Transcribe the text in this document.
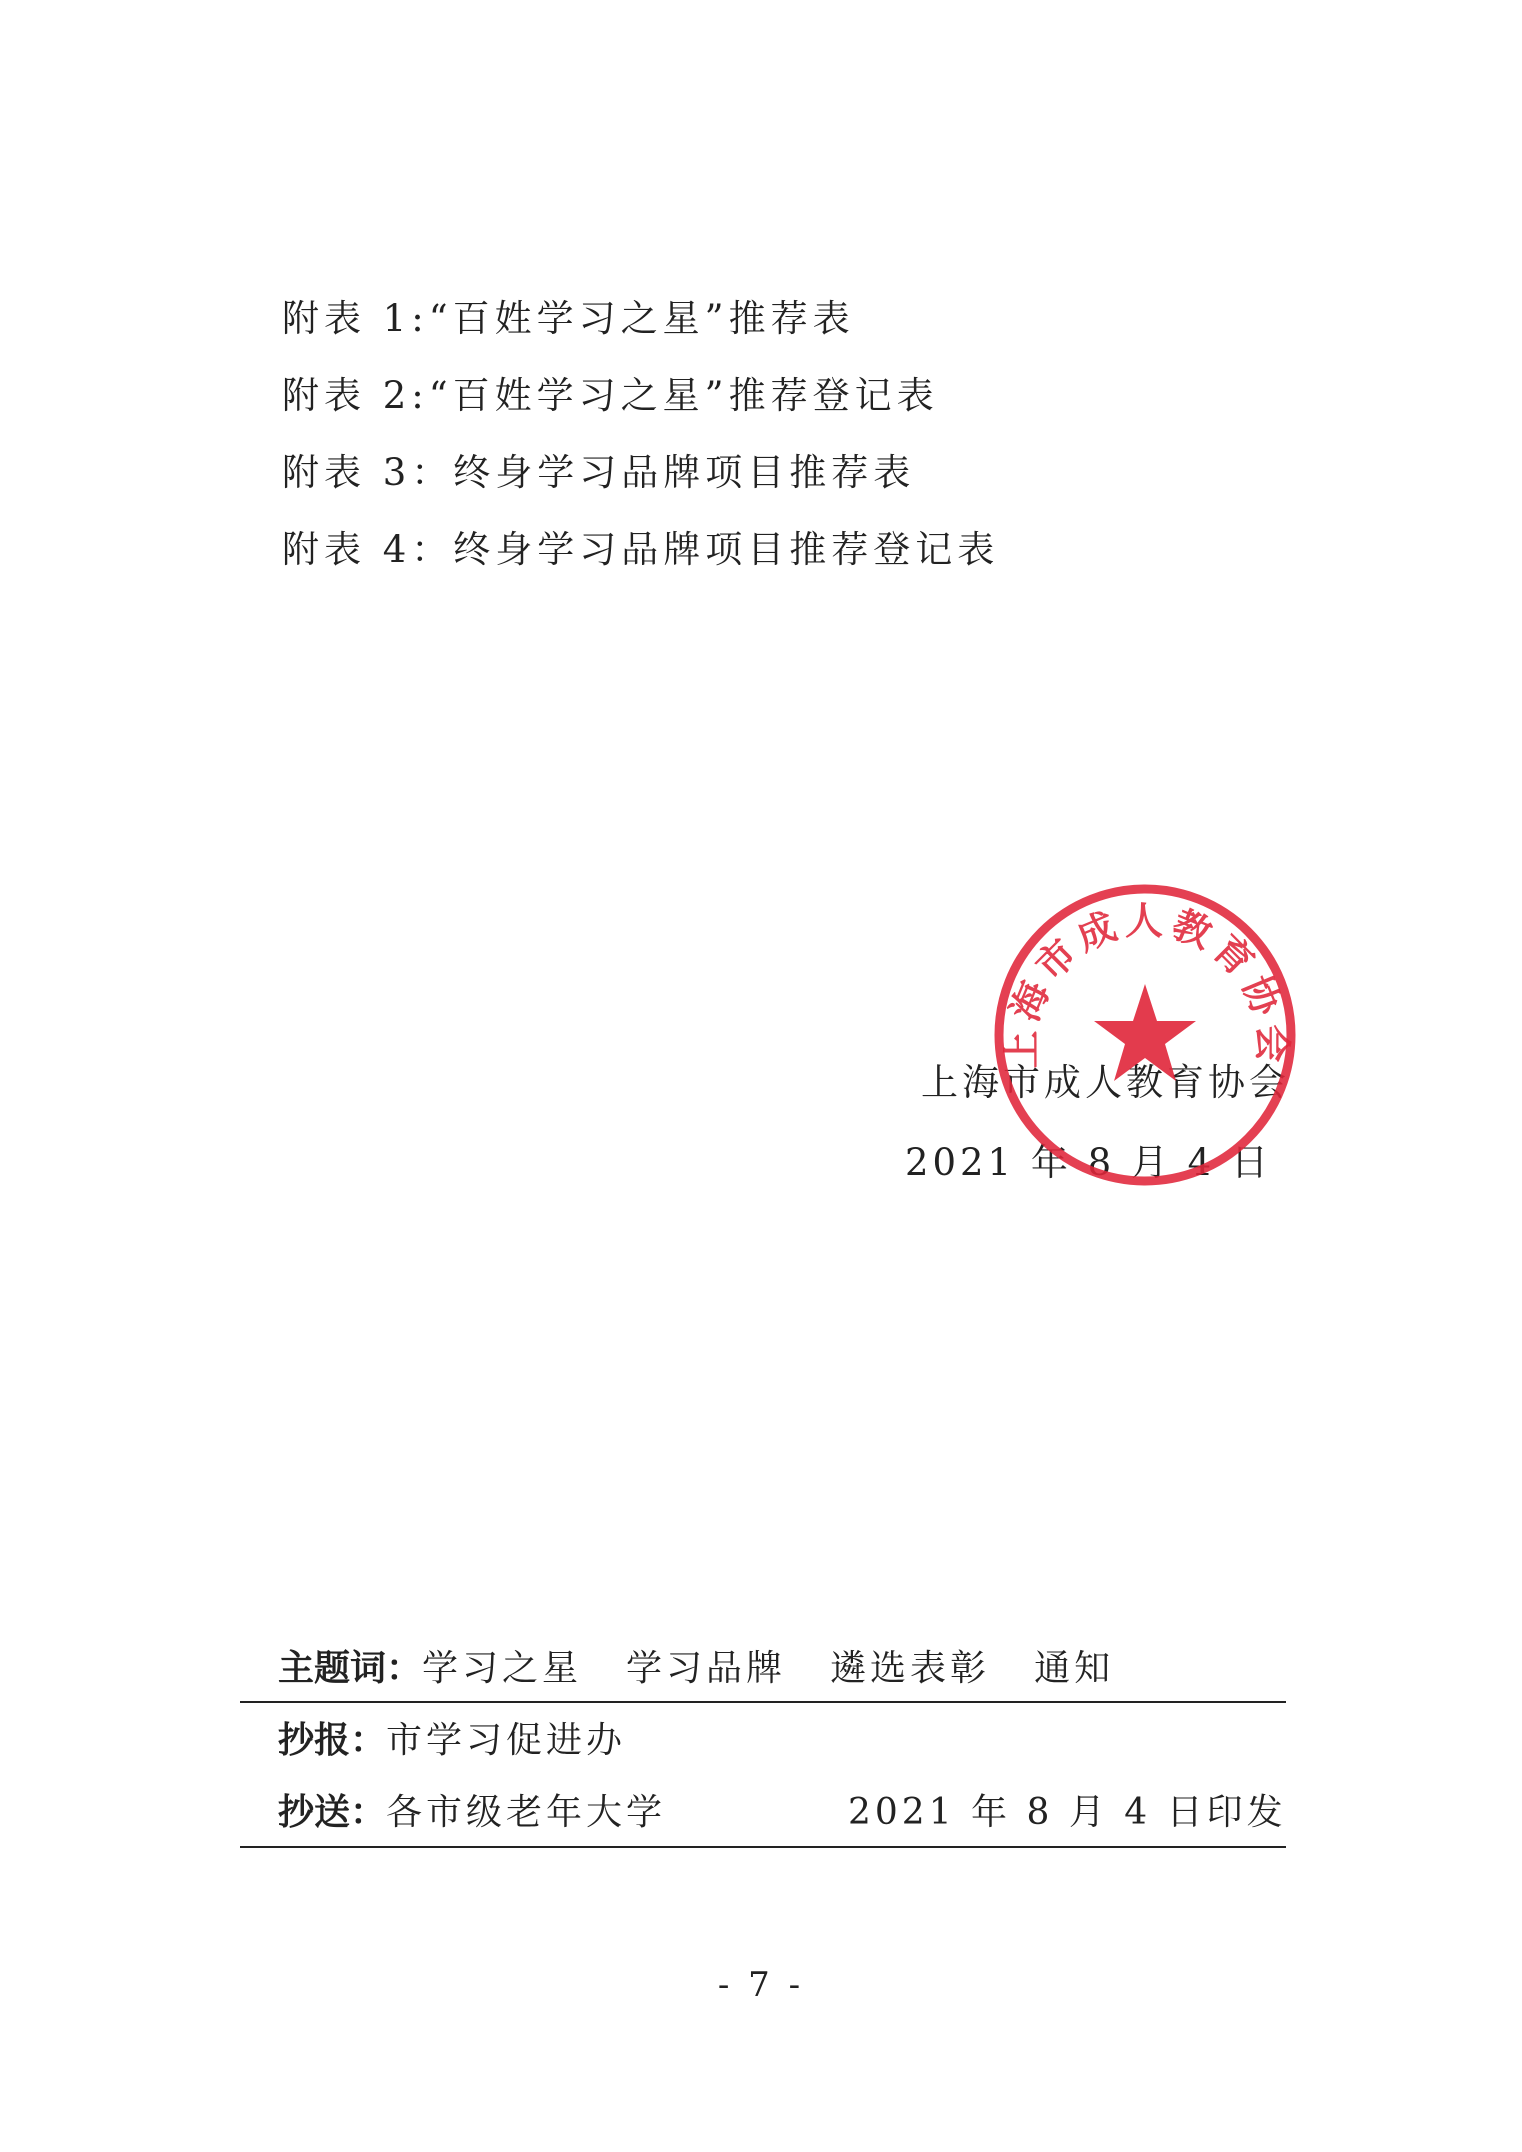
附表 1:“百姓学习之星”推荐表
附表 2:“百姓学习之星”推荐登记表
附表 3：终身学习品牌项目推荐表
附表 4：终身学习品牌项目推荐登记表
上海市成人教育协会
2021 年 8 月 4 日
上海市成人教育协会
主题词：学习之星 学习品牌 遴选表彰 通知
抄报：市学习促进办
抄送：各市级老年大学	2021 年 8 月 4 日印发
- 7 -
